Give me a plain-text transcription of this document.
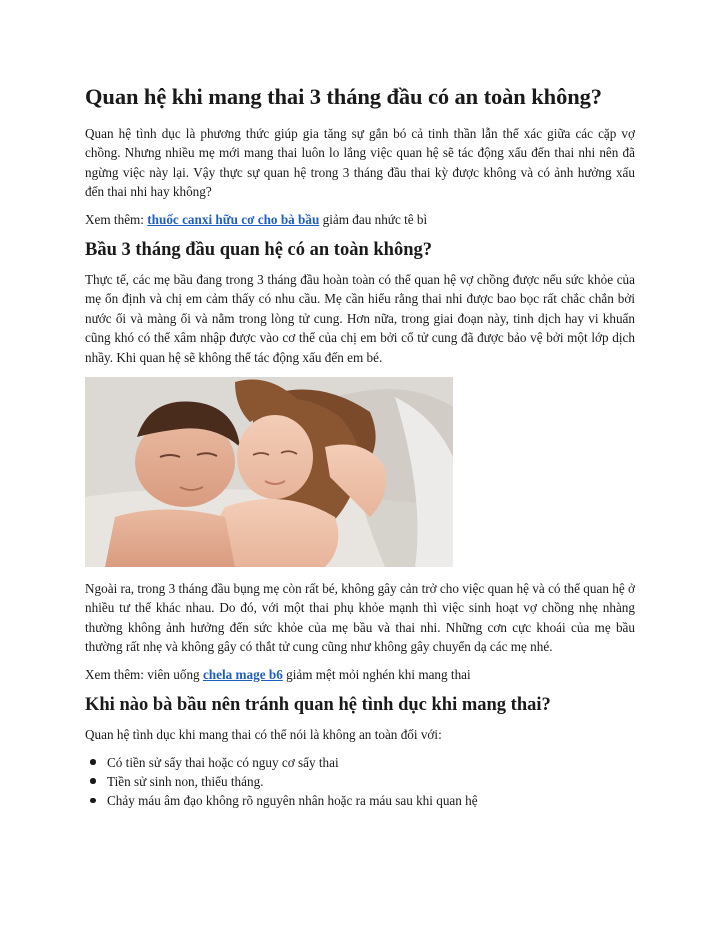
Quan hệ khi mang thai 3 tháng đầu có an toàn không?

Quan hệ tình dục là phương thức giúp gia tăng sự gắn bó cả tinh thần lẫn thể xác giữa các cặp vợ chồng. Nhưng nhiều mẹ mới mang thai luôn lo lắng việc quan hệ sẽ tác động xấu đến thai nhi nên đã ngừng việc này lại. Vậy thực sự quan hệ trong 3 tháng đầu thai kỳ được không và có ảnh hưởng xấu đến thai nhi hay không?

Xem thêm: thuốc canxi hữu cơ cho bà bầu giảm đau nhức tê bì

Bầu 3 tháng đầu quan hệ có an toàn không?

Thực tế, các mẹ bầu đang trong 3 tháng đầu hoàn toàn có thể quan hệ vợ chồng được nếu sức khỏe của mẹ ổn định và chị em cảm thấy có nhu cầu. Mẹ cần hiểu rằng thai nhi được bao bọc rất chắc chắn bởi nước ối và màng ối và nằm trong lòng tử cung. Hơn nữa, trong giai đoạn này, tinh dịch hay vi khuẩn cũng khó có thể xâm nhập được vào cơ thể của chị em bởi cổ tử cung đã được bảo vệ bởi một lớp dịch nhầy. Khi quan hệ sẽ không thể tác động xấu đến em bé.

Ngoài ra, trong 3 tháng đầu bụng mẹ còn rất bé, không gây cản trở cho việc quan hệ và có thể quan hệ ở nhiều tư thế khác nhau. Do đó, với một thai phụ khỏe mạnh thì việc sinh hoạt vợ chồng nhẹ nhàng thường không ảnh hưởng đến sức khỏe của mẹ bầu và thai nhi. Những cơn cực khoái của mẹ bầu thường rất nhẹ và không gây có thắt tử cung cũng như không gây chuyển dạ các mẹ nhé.

Xem thêm: viên uống chela mage b6 giảm mệt mỏi nghén khi mang thai

Khi nào bà bầu nên tránh quan hệ tình dục khi mang thai?

Quan hệ tình dục khi mang thai có thể nói là không an toàn đối với:

Có tiền sử sẩy thai hoặc có nguy cơ sẩy thai
Tiền sử sinh non, thiếu tháng.
Chảy máu âm đạo không rõ nguyên nhân hoặc ra máu sau khi quan hệ
